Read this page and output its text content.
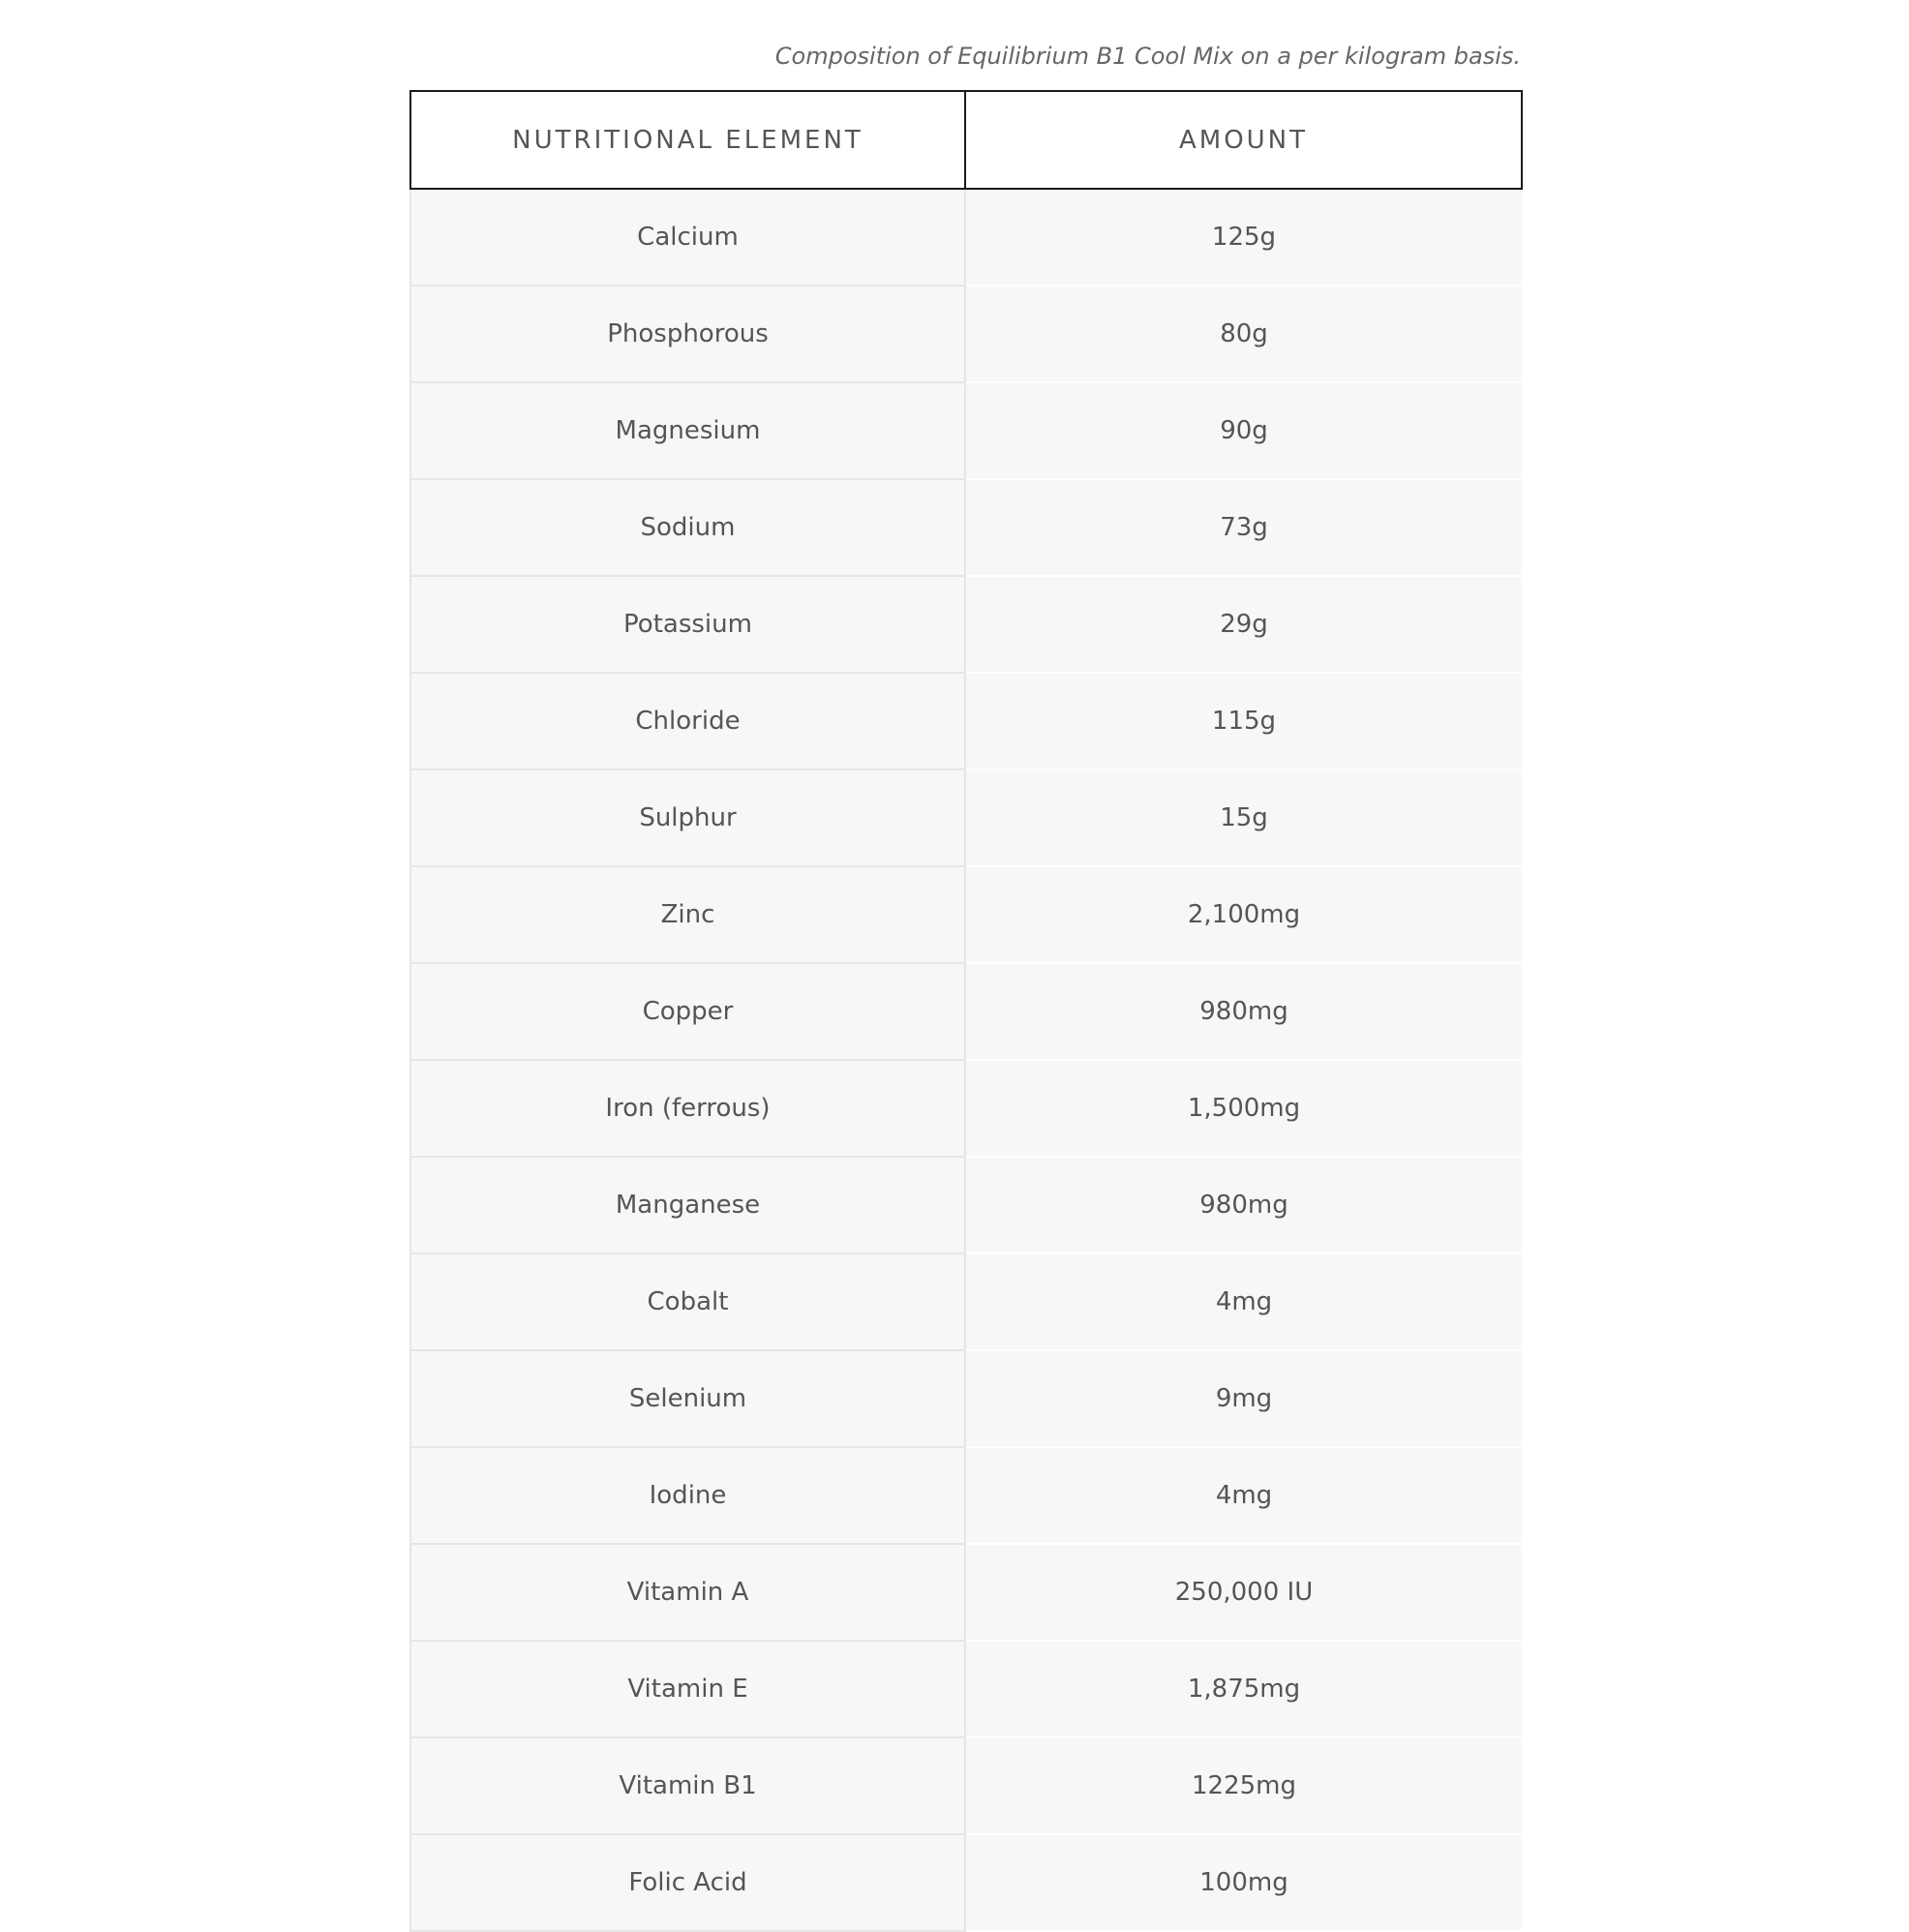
Composition of Equilibrium B1 Cool Mix on a per kilogram basis.
NUTRITIONAL ELEMENT	AMOUNT
Calcium	125g
Phosphorous	80g
Magnesium	90g
Sodium	73g
Potassium	29g
Chloride	115g
Sulphur	15g
Zinc	2,100mg
Copper	980mg
Iron (ferrous)	1,500mg
Manganese	980mg
Cobalt	4mg
Selenium	9mg
Iodine	4mg
Vitamin A	250,000 IU
Vitamin E	1,875mg
Vitamin B1	1225mg
Folic Acid	100mg
